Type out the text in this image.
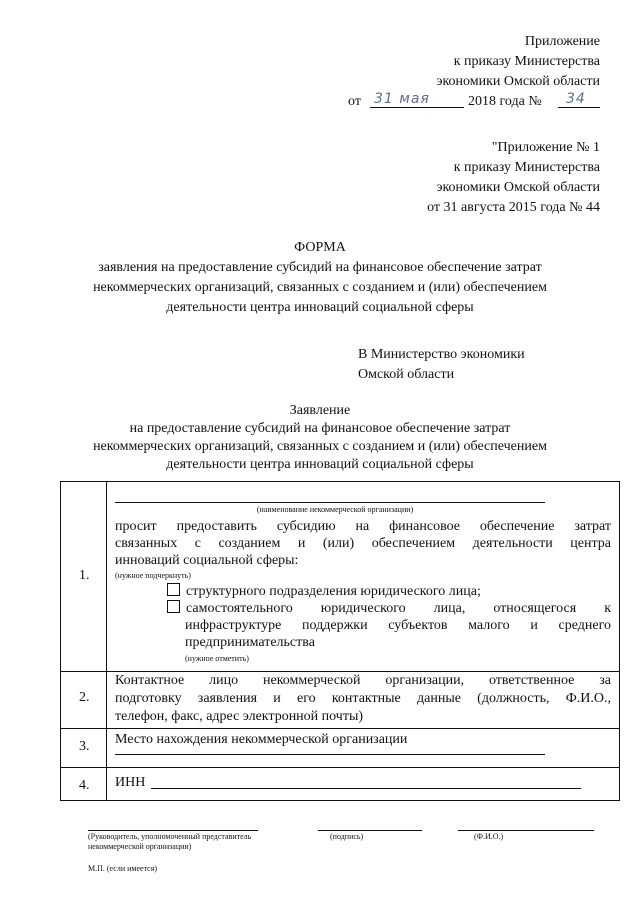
Приложение
к приказу Министерства
экономики Омской области
от 31 мая	2018 года № 34
"Приложение № 1
к приказу Министерства
экономики Омской области
от 31 августа 2015 года № 44
ФОРМА
заявления на предоставление субсидий на финансовое обеспечение затрат
некоммерческих организаций, связанных с созданием и (или) обеспечением
деятельности центра инноваций социальной сферы
В Министерство экономики
Омской области
Заявление
на предоставление субсидий на финансовое обеспечение затрат
некоммерческих организаций, связанных с созданием и (или) обеспечением
деятельности центра инноваций социальной сферы
1.
(наименование некоммерческой организации)
просит предоставить субсидию на финансовое обеспечение затрат
связанных с созданием и (или) обеспечением деятельности центра
инноваций социальной сферы:
(нужное подчеркнуть)
структурного подразделения юридического лица;
самостоятельного юридического лица, относящегося к
инфраструктуре поддержки субъектов малого и среднего
предпринимательства
(нужное отметить)
2.
Контактное лицо некоммерческой организации, ответственное за
подготовку заявления и его контактные данные (должность, Ф.И.О.,
телефон, факс, адрес электронной почты)
3. Место нахождения некоммерческой организации
4. ИНН
(Руководитель, уполномоченный представитель
некоммерческой организации)
(подпись)	(Ф.И.О.)
М.П. (если имеется)
